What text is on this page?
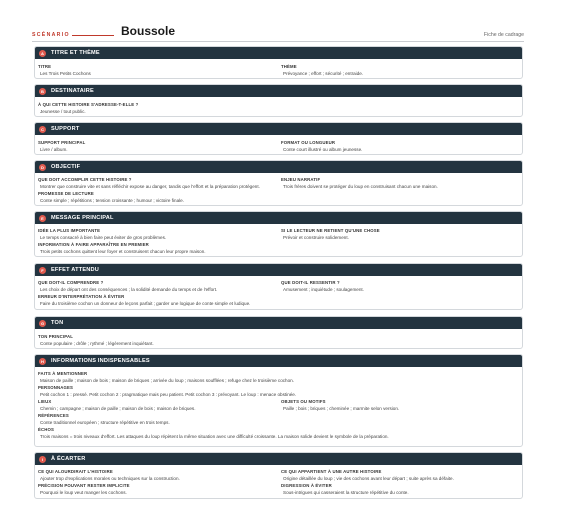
SCÉNARIO	Boussole	Fiche de cadrage
A	TITRE ET THÈME
TITRE
Les Trois Petits Cochons
THÈME
Prévoyance ; effort ; sécurité ; entraide.
B	DESTINATAIRE
À QUI CETTE HISTOIRE S'ADRESSE-T-ELLE ?
Jeunesse / tout public.
C	SUPPORT
SUPPORT PRINCIPAL
Livre / album.
FORMAT OU LONGUEUR
Conte court illustré ou album jeunesse.
D	OBJECTIF
QUE DOIT ACCOMPLIR CETTE HISTOIRE ?
Montrer que construire vite et sans réfléchir expose au danger, tandis que l'effort et la préparation protègent.
ENJEU NARRATIF
Trois frères doivent se protéger du loup en construisant chacun une maison.
PROMESSE DE LECTURE
Conte simple ; répétitions ; tension croissante ; humour ; victoire finale.
E	MESSAGE PRINCIPAL
IDÉE LA PLUS IMPORTANTE
Le temps consacré à bien faire peut éviter de gros problèmes.
SI LE LECTEUR NE RETIENT QU'UNE CHOSE
Prévoir et construire solidement.
INFORMATION À FAIRE APPARAÎTRE EN PREMIER
Trois petits cochons quittent leur foyer et construisent chacun leur propre maison.
F	EFFET ATTENDU
QUE DOIT-IL COMPRENDRE ?
Les choix de départ ont des conséquences ; la solidité demande du temps et de l'effort.
QUE DOIT-IL RESSENTIR ?
Amusement ; inquiétude ; soulagement.
ERREUR D'INTERPRÉTATION À ÉVITER
Faire du troisième cochon un donneur de leçons parfait ; garder une logique de conte simple et ludique.
G	TON
TON PRINCIPAL
Conte populaire ; drôle ; rythmé ; légèrement inquiétant.
H	INFORMATIONS INDISPENSABLES
FAITS À MENTIONNER
Maison de paille ; maison de bois ; maison de briques ; arrivée du loup ; maisons soufflées ; refuge chez le troisième cochon.
PERSONNAGES
Petit cochon 1 : pressé. Petit cochon 2 : pragmatique mais peu patient. Petit cochon 3 : prévoyant. Le loup : menace obstinée.
LIEUX
Chemin ; campagne ; maison de paille ; maison de bois ; maison de briques.
OBJETS OU MOTIFS
Paille ; bois ; briques ; cheminée ; marmite selon version.
RÉFÉRENCES
Conte traditionnel européen ; structure répétitive en trois temps.
ÉCHOS
Trois maisons = trois niveaux d'effort. Les attaques du loup répètent la même situation avec une difficulté croissante. La maison solide devient le symbole de la préparation.
I	À ÉCARTER
CE QUI ALOURDIRAIT L'HISTOIRE
Ajouter trop d'explications morales ou techniques sur la construction.
CE QUI APPARTIENT À UNE AUTRE HISTOIRE
Origine détaillée du loup ; vie des cochons avant leur départ ; suite après sa défaite.
PRÉCISION POUVANT RESTER IMPLICITE
Pourquoi le loup veut manger les cochons.
DIGRESSION À ÉVITER
Sous-intrigues qui casseraient la structure répétitive du conte.
